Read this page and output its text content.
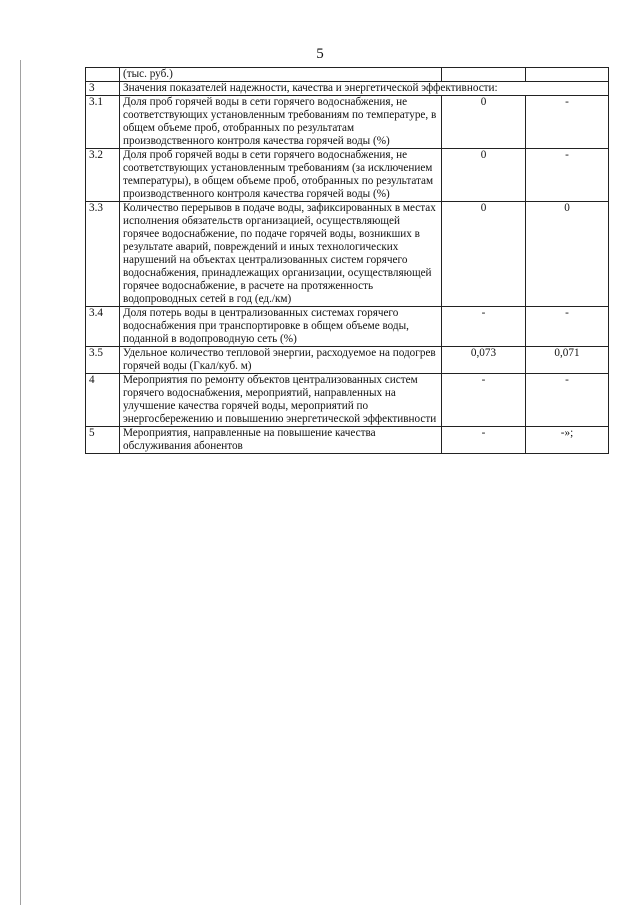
5
	(тыс. руб.)		
3	Значения показателей надежности, качества и энергетической эффективности:		
3.1	Доля проб горячей воды в сети горячего водоснабжения, не соответствующих установленным требованиям по температуре, в общем объеме проб, отобранных по результатам производственного контроля качества горячей воды (%)	0	-
3.2	Доля проб горячей воды в сети горячего водоснабжения, не соответствующих установленным требованиям (за исключением температуры), в общем объеме проб, отобранных по результатам производственного контроля качества горячей воды (%)	0	-
3.3	Количество перерывов в подаче воды, зафиксированных в местах исполнения обязательств организацией, осуществляющей горячее водоснабжение, по подаче горячей воды, возникших в результате аварий, повреждений и иных технологических нарушений на объектах централизованных систем горячего водоснабжения, принадлежащих организации, осуществляющей горячее водоснабжение, в расчете на протяженность водопроводных сетей в год (ед./км)	0	0
3.4	Доля потерь воды в централизованных системах горячего водоснабжения при транспортировке в общем объеме воды, поданной в водопроводную сеть (%)	-	-
3.5	Удельное количество тепловой энергии, расходуемое на подогрев горячей воды (Гкал/куб. м)	0,073	0,071
4	Мероприятия по ремонту объектов централизованных систем горячего водоснабжения, мероприятий, направленных на улучшение качества горячей воды, мероприятий по энергосбережению и повышению энергетической эффективности	-	-
5	Мероприятия, направленные на повышение качества обслуживания абонентов	-	-»;
